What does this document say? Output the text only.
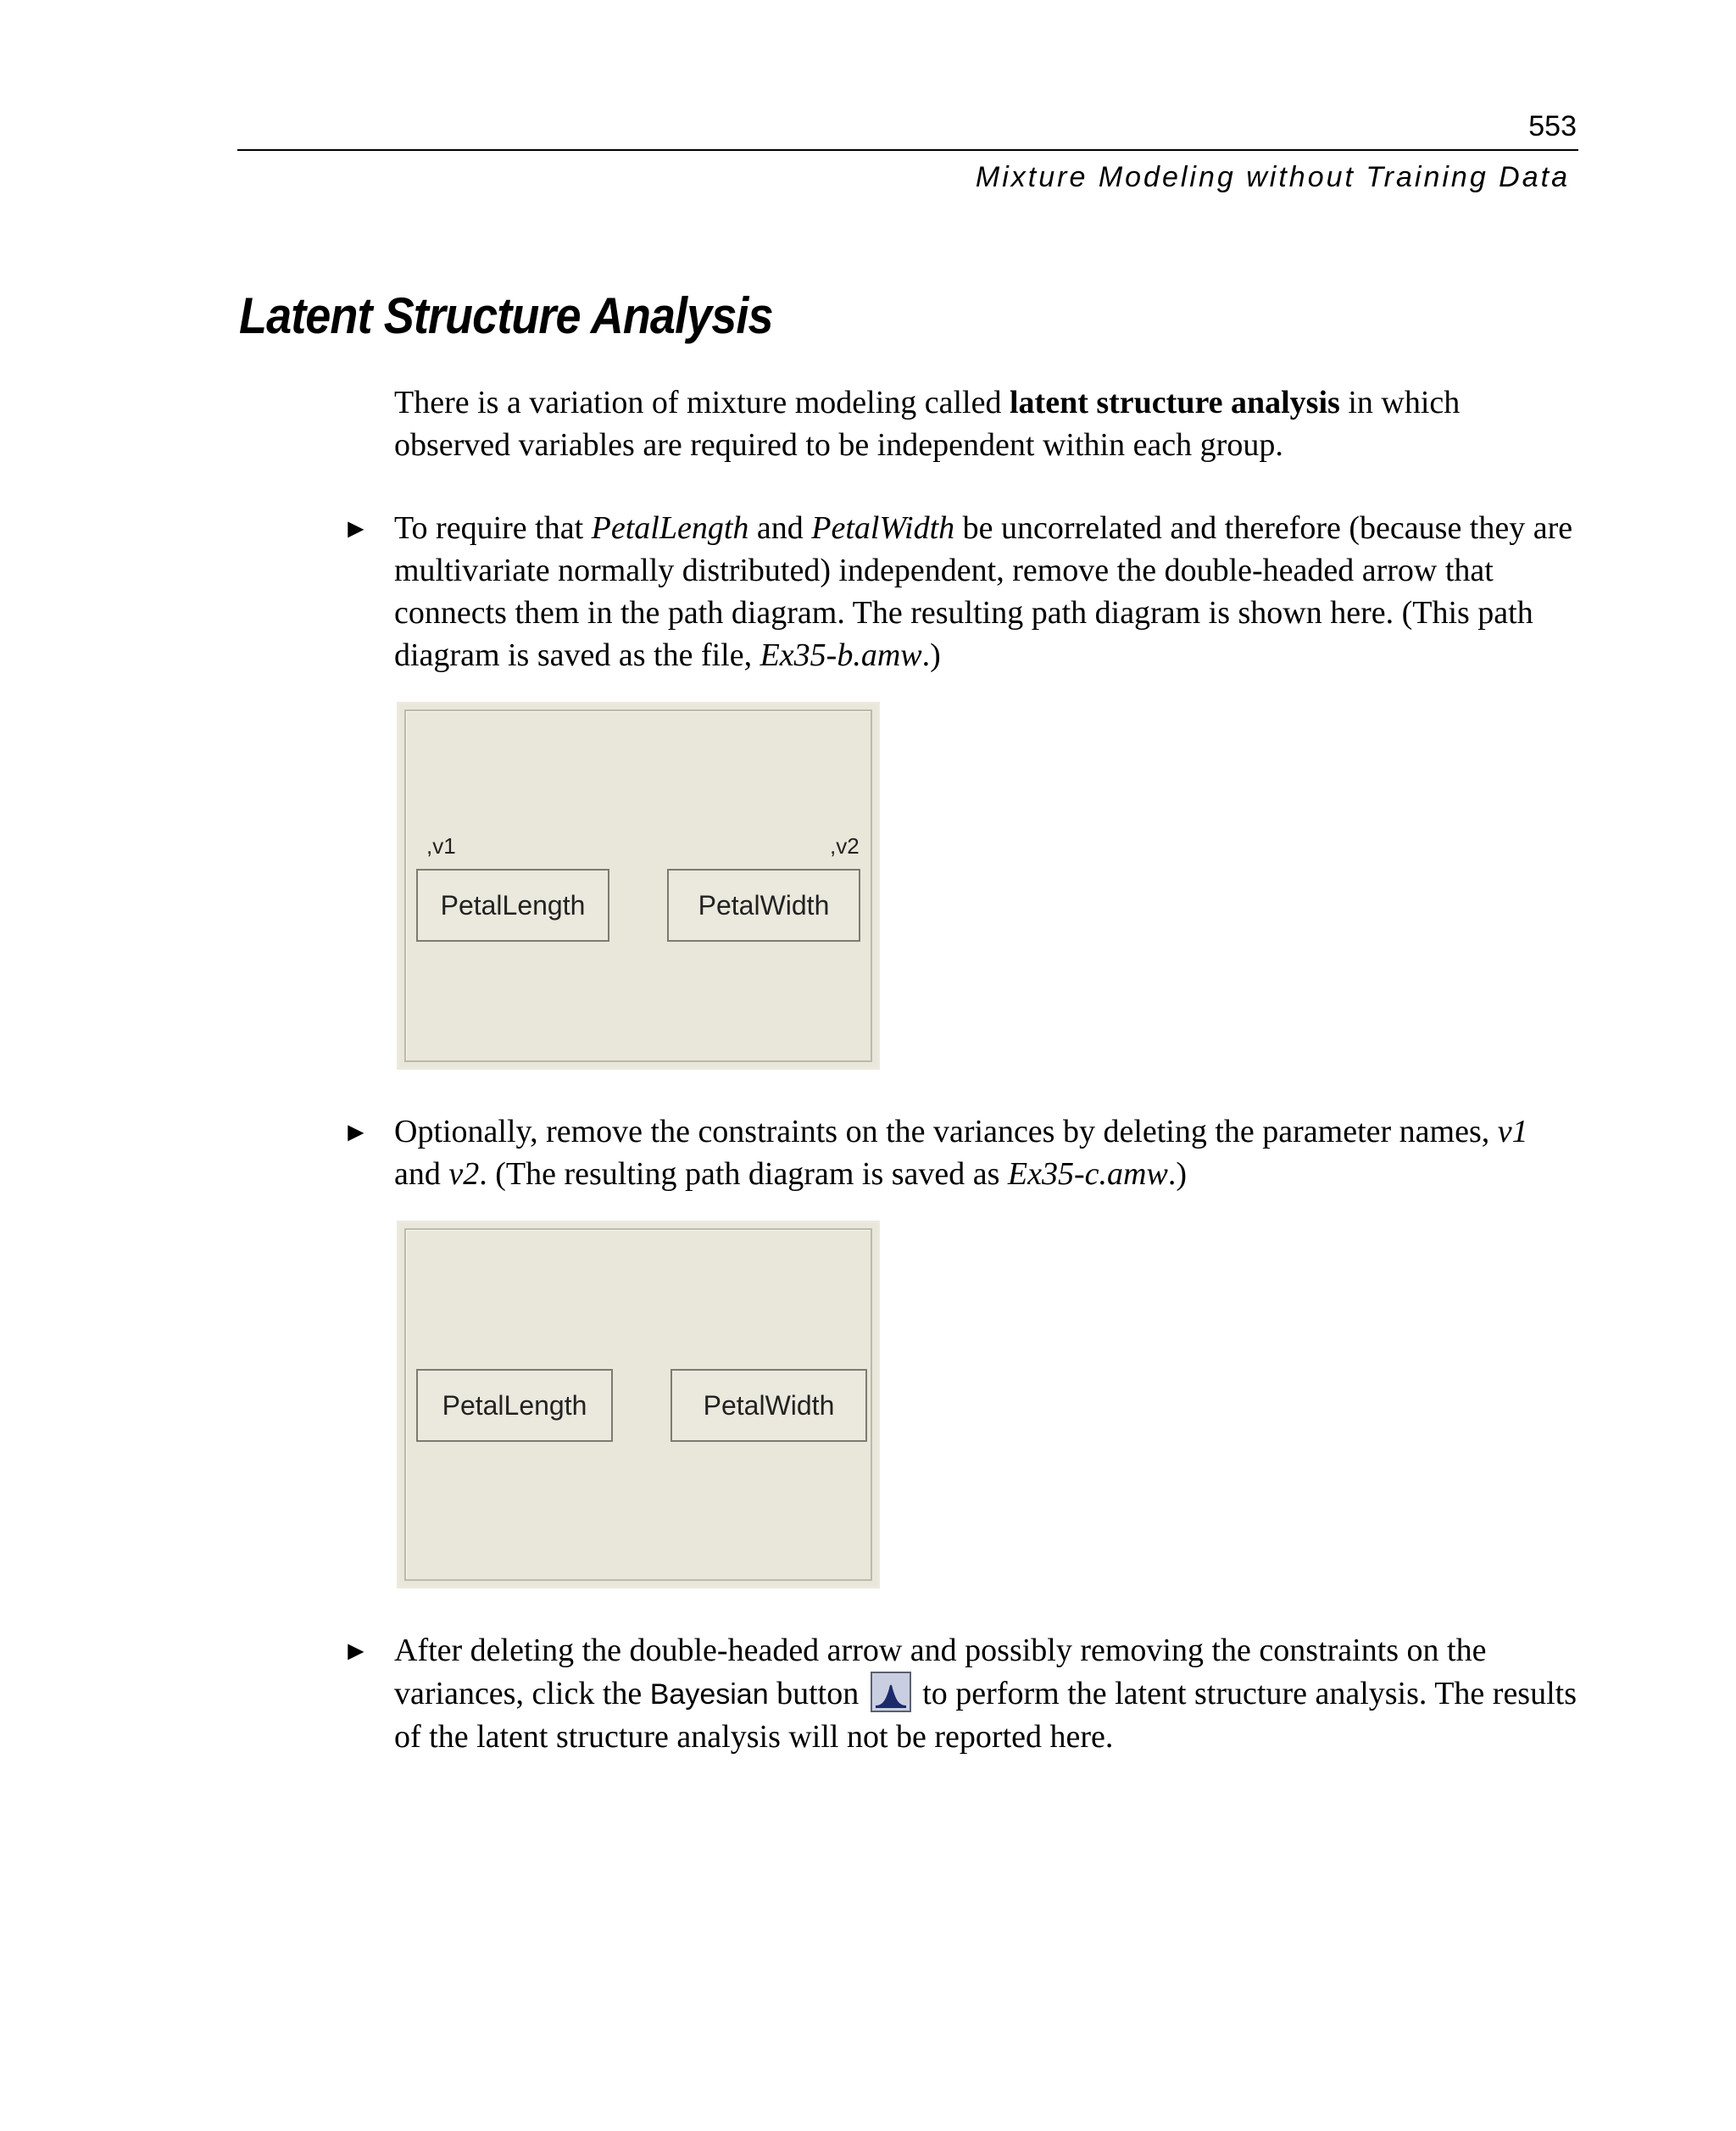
553
Mixture Modeling without Training Data
Latent Structure Analysis
There is a variation of mixture modeling called latent structure analysis in which observed variables are required to be independent within each group.
► To require that PetalLength and PetalWidth be uncorrelated and therefore (because they are multivariate normally distributed) independent, remove the double-headed arrow that connects them in the path diagram. The resulting path diagram is shown here. (This path diagram is saved as the file, Ex35-b.amw.)
,v1	,v2
PetalLength	PetalWidth
► Optionally, remove the constraints on the variances by deleting the parameter names, v1 and v2. (The resulting path diagram is saved as Ex35-c.amw.)
PetalLength	PetalWidth
► After deleting the double-headed arrow and possibly removing the constraints on the variances, click the Bayesian button  to perform the latent structure analysis. The results of the latent structure analysis will not be reported here.
